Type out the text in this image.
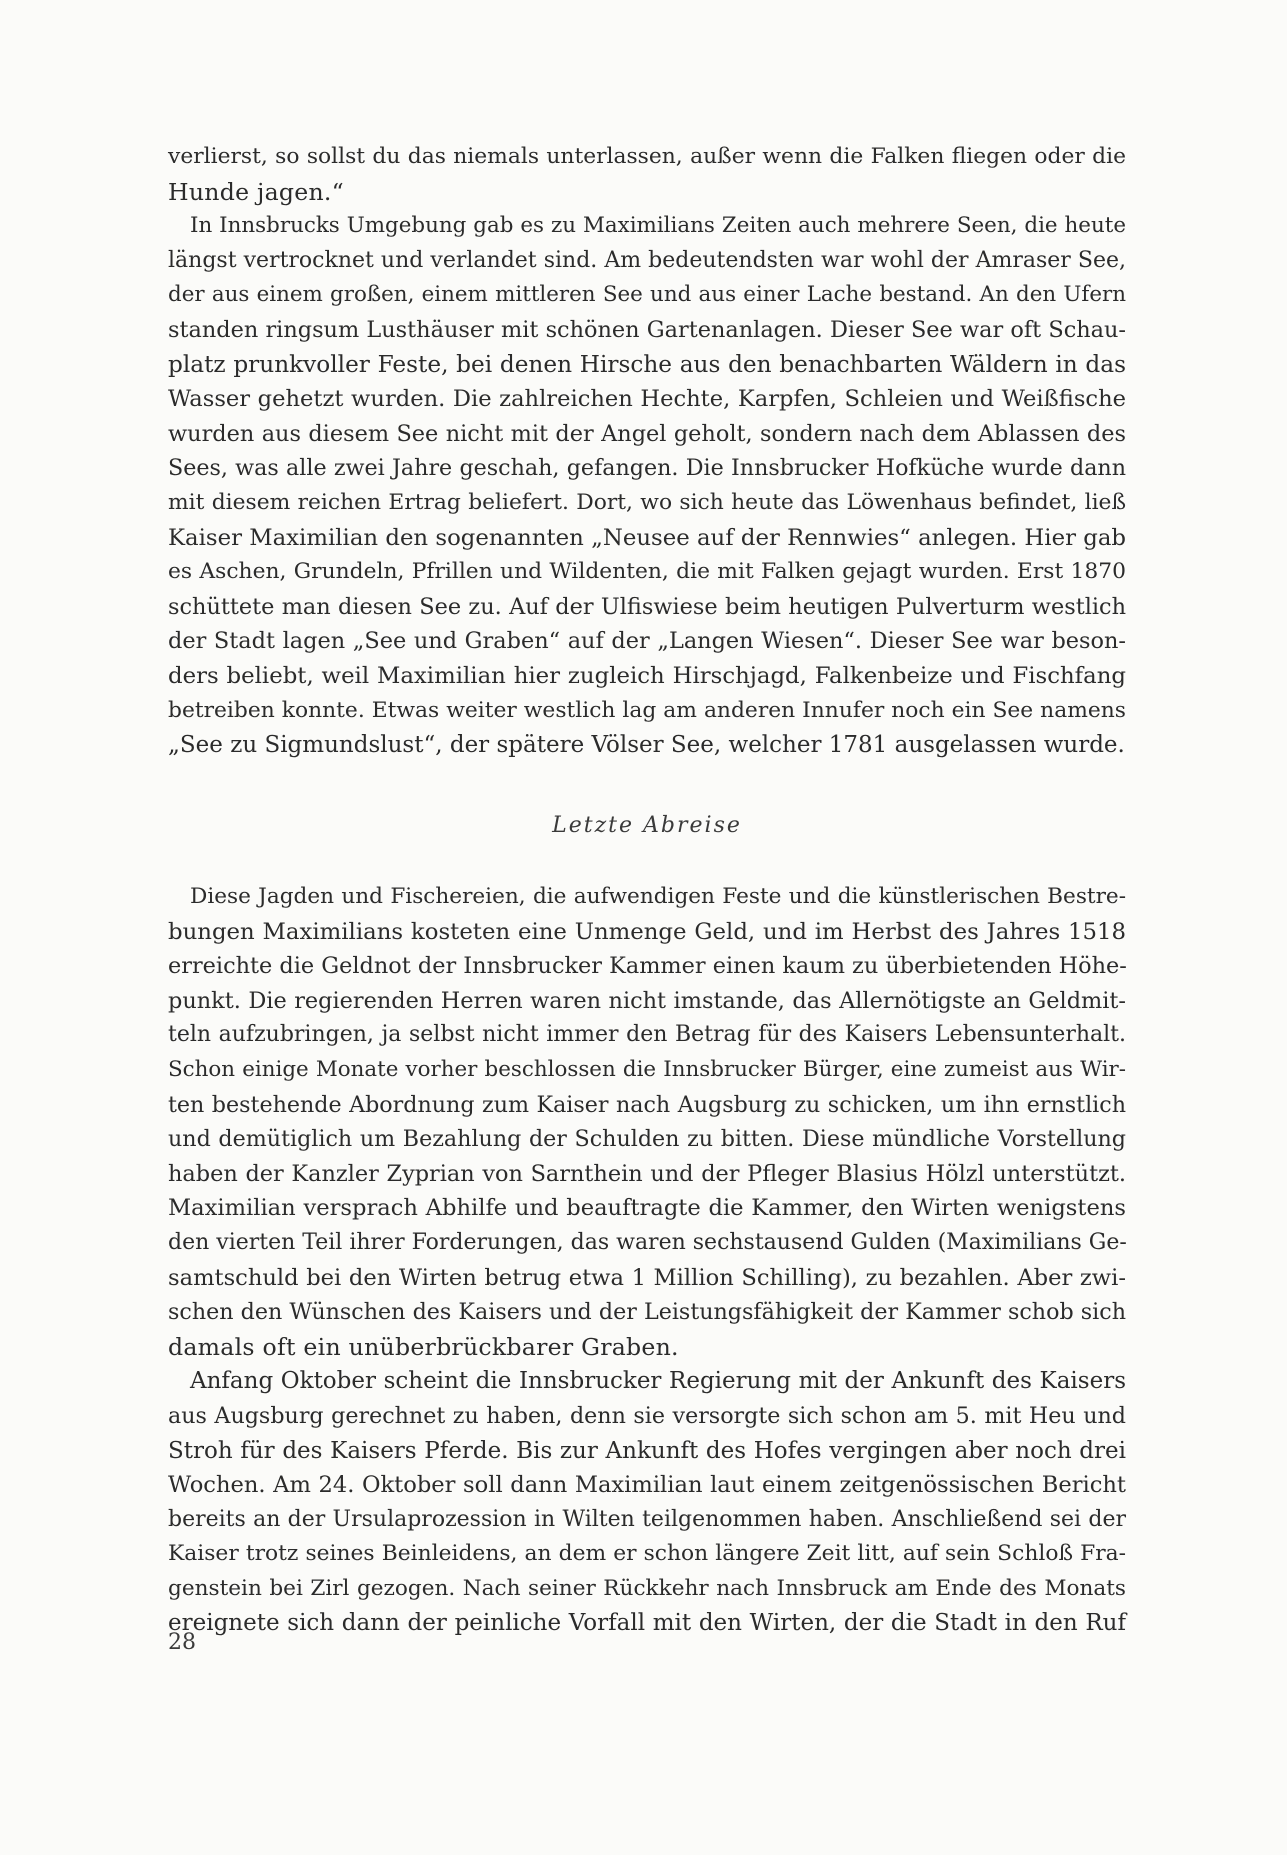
verlierst, so sollst du das niemals unterlassen, außer wenn die Falken fliegen oder die
Hunde jagen.“
In Innsbrucks Umgebung gab es zu Maximilians Zeiten auch mehrere Seen, die heute
längst vertrocknet und verlandet sind. Am bedeutendsten war wohl der Amraser See,
der aus einem großen, einem mittleren See und aus einer Lache bestand. An den Ufern
standen ringsum Lusthäuser mit schönen Gartenanlagen. Dieser See war oft Schau-
platz prunkvoller Feste, bei denen Hirsche aus den benachbarten Wäldern in das
Wasser gehetzt wurden. Die zahlreichen Hechte, Karpfen, Schleien und Weißfische
wurden aus diesem See nicht mit der Angel geholt, sondern nach dem Ablassen des
Sees, was alle zwei Jahre geschah, gefangen. Die Innsbrucker Hofküche wurde dann
mit diesem reichen Ertrag beliefert. Dort, wo sich heute das Löwenhaus befindet, ließ
Kaiser Maximilian den sogenannten „Neusee auf der Rennwies“ anlegen. Hier gab
es Aschen, Grundeln, Pfrillen und Wildenten, die mit Falken gejagt wurden. Erst 1870
schüttete man diesen See zu. Auf der Ulfiswiese beim heutigen Pulverturm westlich
der Stadt lagen „See und Graben“ auf der „Langen Wiesen“. Dieser See war beson-
ders beliebt, weil Maximilian hier zugleich Hirschjagd, Falkenbeize und Fischfang
betreiben konnte. Etwas weiter westlich lag am anderen Innufer noch ein See namens
„See zu Sigmundslust“, der spätere Völser See, welcher 1781 ausgelassen wurde.
Letzte Abreise
Diese Jagden und Fischereien, die aufwendigen Feste und die künstlerischen Bestre-
bungen Maximilians kosteten eine Unmenge Geld, und im Herbst des Jahres 1518
erreichte die Geldnot der Innsbrucker Kammer einen kaum zu überbietenden Höhe-
punkt. Die regierenden Herren waren nicht imstande, das Allernötigste an Geldmit-
teln aufzubringen, ja selbst nicht immer den Betrag für des Kaisers Lebensunterhalt.
Schon einige Monate vorher beschlossen die Innsbrucker Bürger, eine zumeist aus Wir-
ten bestehende Abordnung zum Kaiser nach Augsburg zu schicken, um ihn ernstlich
und demütiglich um Bezahlung der Schulden zu bitten. Diese mündliche Vorstellung
haben der Kanzler Zyprian von Sarnthein und der Pfleger Blasius Hölzl unterstützt.
Maximilian versprach Abhilfe und beauftragte die Kammer, den Wirten wenigstens
den vierten Teil ihrer Forderungen, das waren sechstausend Gulden (Maximilians Ge-
samtschuld bei den Wirten betrug etwa 1 Million Schilling), zu bezahlen. Aber zwi-
schen den Wünschen des Kaisers und der Leistungsfähigkeit der Kammer schob sich
damals oft ein unüberbrückbarer Graben.
Anfang Oktober scheint die Innsbrucker Regierung mit der Ankunft des Kaisers
aus Augsburg gerechnet zu haben, denn sie versorgte sich schon am 5. mit Heu und
Stroh für des Kaisers Pferde. Bis zur Ankunft des Hofes vergingen aber noch drei
Wochen. Am 24. Oktober soll dann Maximilian laut einem zeitgenössischen Bericht
bereits an der Ursulaprozession in Wilten teilgenommen haben. Anschließend sei der
Kaiser trotz seines Beinleidens, an dem er schon längere Zeit litt, auf sein Schloß Fra-
genstein bei Zirl gezogen. Nach seiner Rückkehr nach Innsbruck am Ende des Monats
ereignete sich dann der peinliche Vorfall mit den Wirten, der die Stadt in den Ruf
28
